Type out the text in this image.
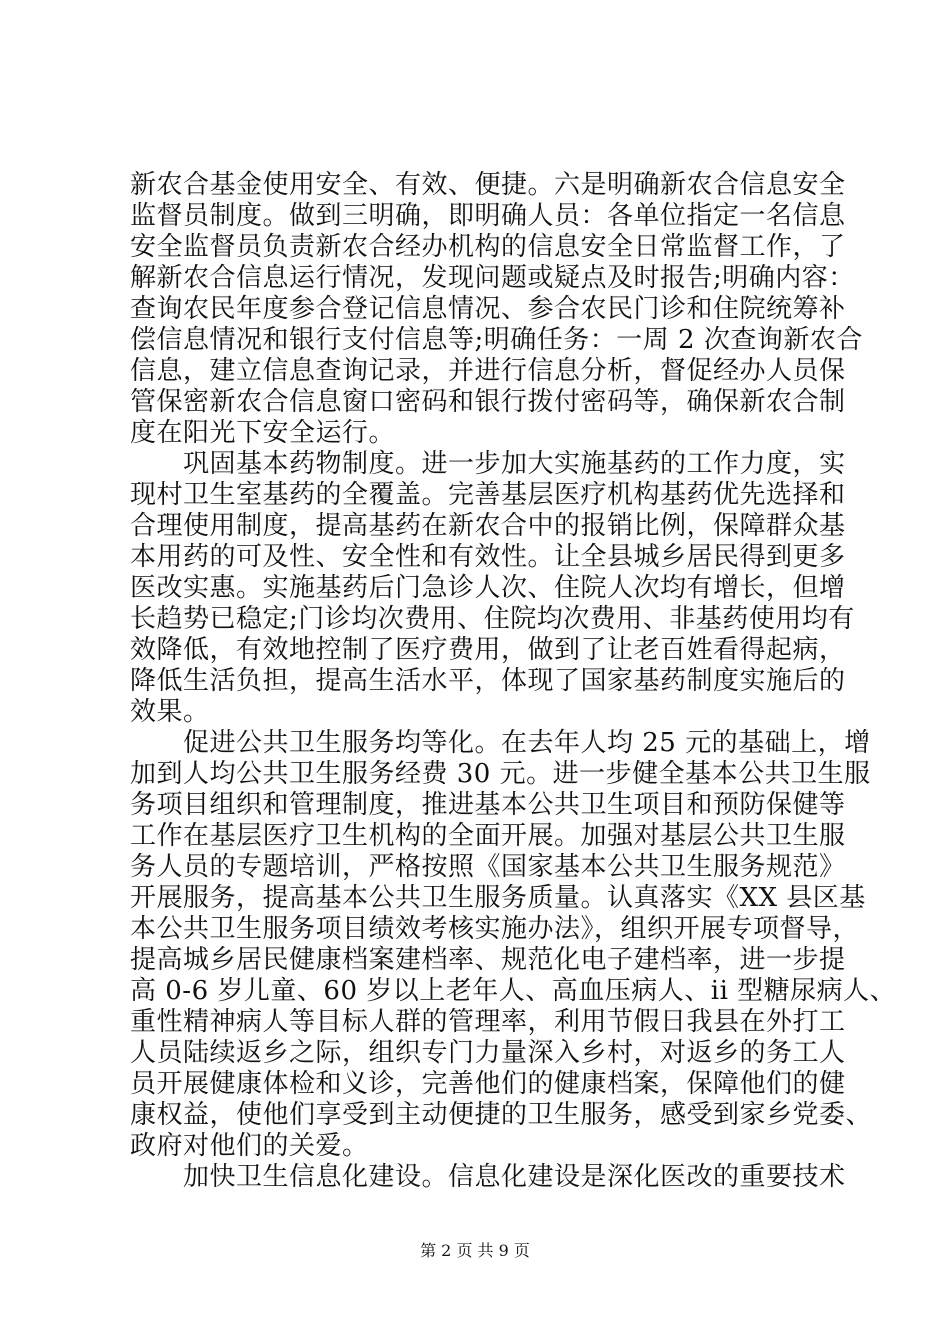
新农合基金使用安全、有效、便捷。六是明确新农合信息安全
监督员制度。做到三明确，即明确人员：各单位指定一名信息
安全监督员负责新农合经办机构的信息安全日常监督工作，了
解新农合信息运行情况，发现问题或疑点及时报告;明确内容：
查询农民年度参合登记信息情况、参合农民门诊和住院统筹补
偿信息情况和银行支付信息等;明确任务：一周 2 次查询新农合
信息，建立信息查询记录，并进行信息分析，督促经办人员保
管保密新农合信息窗口密码和银行拨付密码等，确保新农合制
度在阳光下安全运行。
　　巩固基本药物制度。进一步加大实施基药的工作力度，实
现村卫生室基药的全覆盖。完善基层医疗机构基药优先选择和
合理使用制度，提高基药在新农合中的报销比例，保障群众基
本用药的可及性、安全性和有效性。让全县城乡居民得到更多
医改实惠。实施基药后门急诊人次、住院人次均有增长，但增
长趋势已稳定;门诊均次费用、住院均次费用、非基药使用均有
效降低，有效地控制了医疗费用，做到了让老百姓看得起病，
降低生活负担，提高生活水平，体现了国家基药制度实施后的
效果。
　　促进公共卫生服务均等化。在去年人均 25 元的基础上，增
加到人均公共卫生服务经费 30 元。进一步健全基本公共卫生服
务项目组织和管理制度，推进基本公共卫生项目和预防保健等
工作在基层医疗卫生机构的全面开展。加强对基层公共卫生服
务人员的专题培训，严格按照《国家基本公共卫生服务规范》
开展服务，提高基本公共卫生服务质量。认真落实《XX 县区基
本公共卫生服务项目绩效考核实施办法》，组织开展专项督导，
提高城乡居民健康档案建档率、规范化电子建档率，进一步提
高 0-6 岁儿童、60 岁以上老年人、高血压病人、ii 型糖尿病人、
重性精神病人等目标人群的管理率，利用节假日我县在外打工
人员陆续返乡之际，组织专门力量深入乡村，对返乡的务工人
员开展健康体检和义诊，完善他们的健康档案，保障他们的健
康权益，使他们享受到主动便捷的卫生服务，感受到家乡党委、
政府对他们的关爱。
　　加快卫生信息化建设。信息化建设是深化医改的重要技术
第 2 页 共 9 页
